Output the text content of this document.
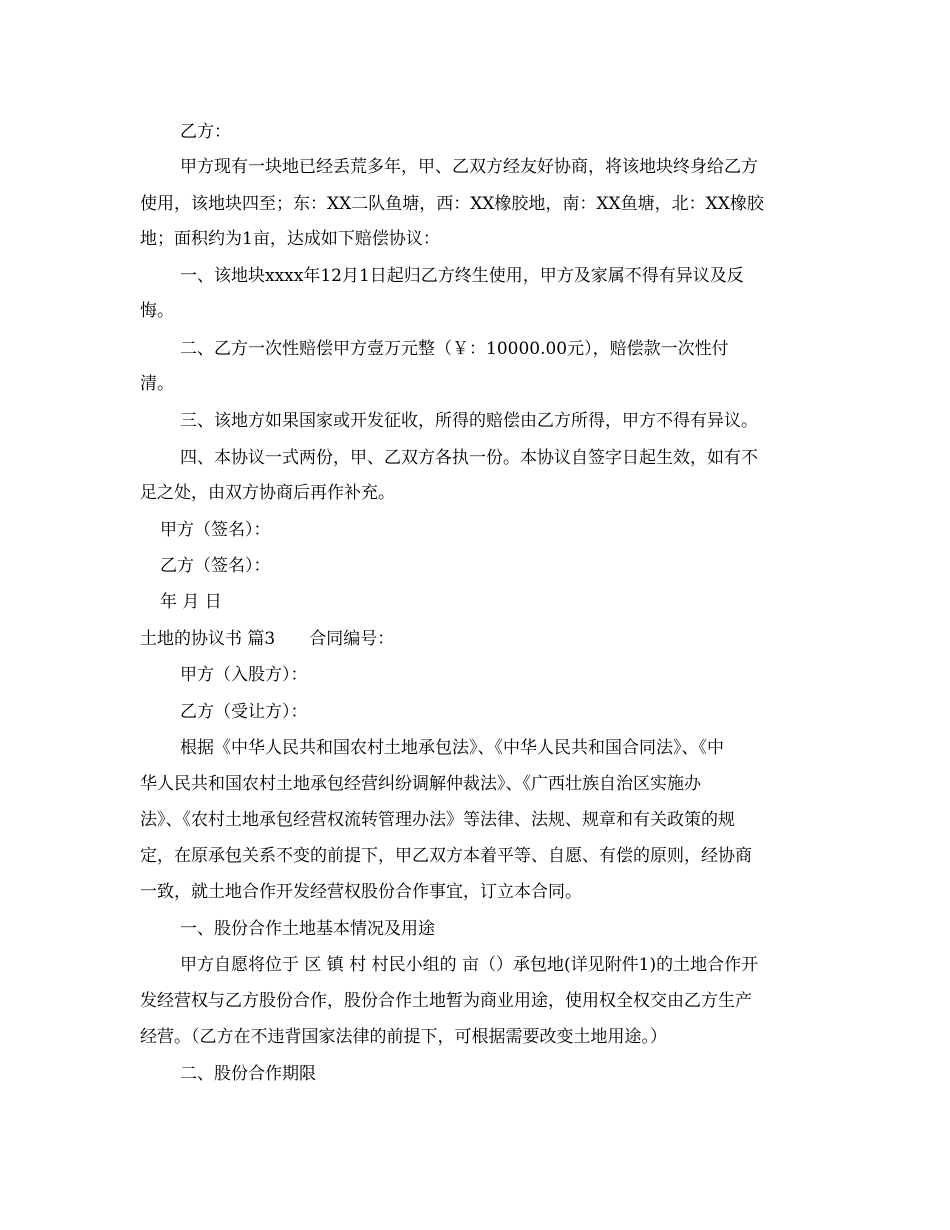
乙方：
甲方现有一块地已经丢荒多年，甲、乙双方经友好协商，将该地块终身给乙方
使用，该地块四至；东：XX二队鱼塘，西：XX橡胶地，南：XX鱼塘，北：XX橡胶
地；面积约为1亩，达成如下赔偿协议：
一、该地块xxxx年12月1日起归乙方终生使用，甲方及家属不得有异议及反
悔。
二、乙方一次性赔偿甲方壹万元整（￥：10000.00元），赔偿款一次性付
清。
三、该地方如果国家或开发征收，所得的赔偿由乙方所得，甲方不得有异议。
四、本协议一式两份，甲、乙双方各执一份。本协议自签字日起生效，如有不
足之处，由双方协商后再作补充。
甲方（签名）：
乙方（签名）：
年 月 日
土地的协议书 篇3　　合同编号：
甲方（入股方）：
乙方（受让方）：
根据《中华人民共和国农村土地承包法》、《中华人民共和国合同法》、《中
华人民共和国农村土地承包经营纠纷调解仲裁法》、《广西壮族自治区实施办
法》、《农村土地承包经营权流转管理办法》等法律、法规、规章和有关政策的规
定，在原承包关系不变的前提下，甲乙双方本着平等、自愿、有偿的原则，经协商
一致，就土地合作开发经营权股份合作事宜，订立本合同。
一、股份合作土地基本情况及用途
甲方自愿将位于 区 镇 村 村民小组的 亩（）承包地(详见附件1)的土地合作开
发经营权与乙方股份合作，股份合作土地暂为商业用途，使用权全权交由乙方生产
经营。（乙方在不违背国家法律的前提下，可根据需要改变土地用途。）
二、股份合作期限
